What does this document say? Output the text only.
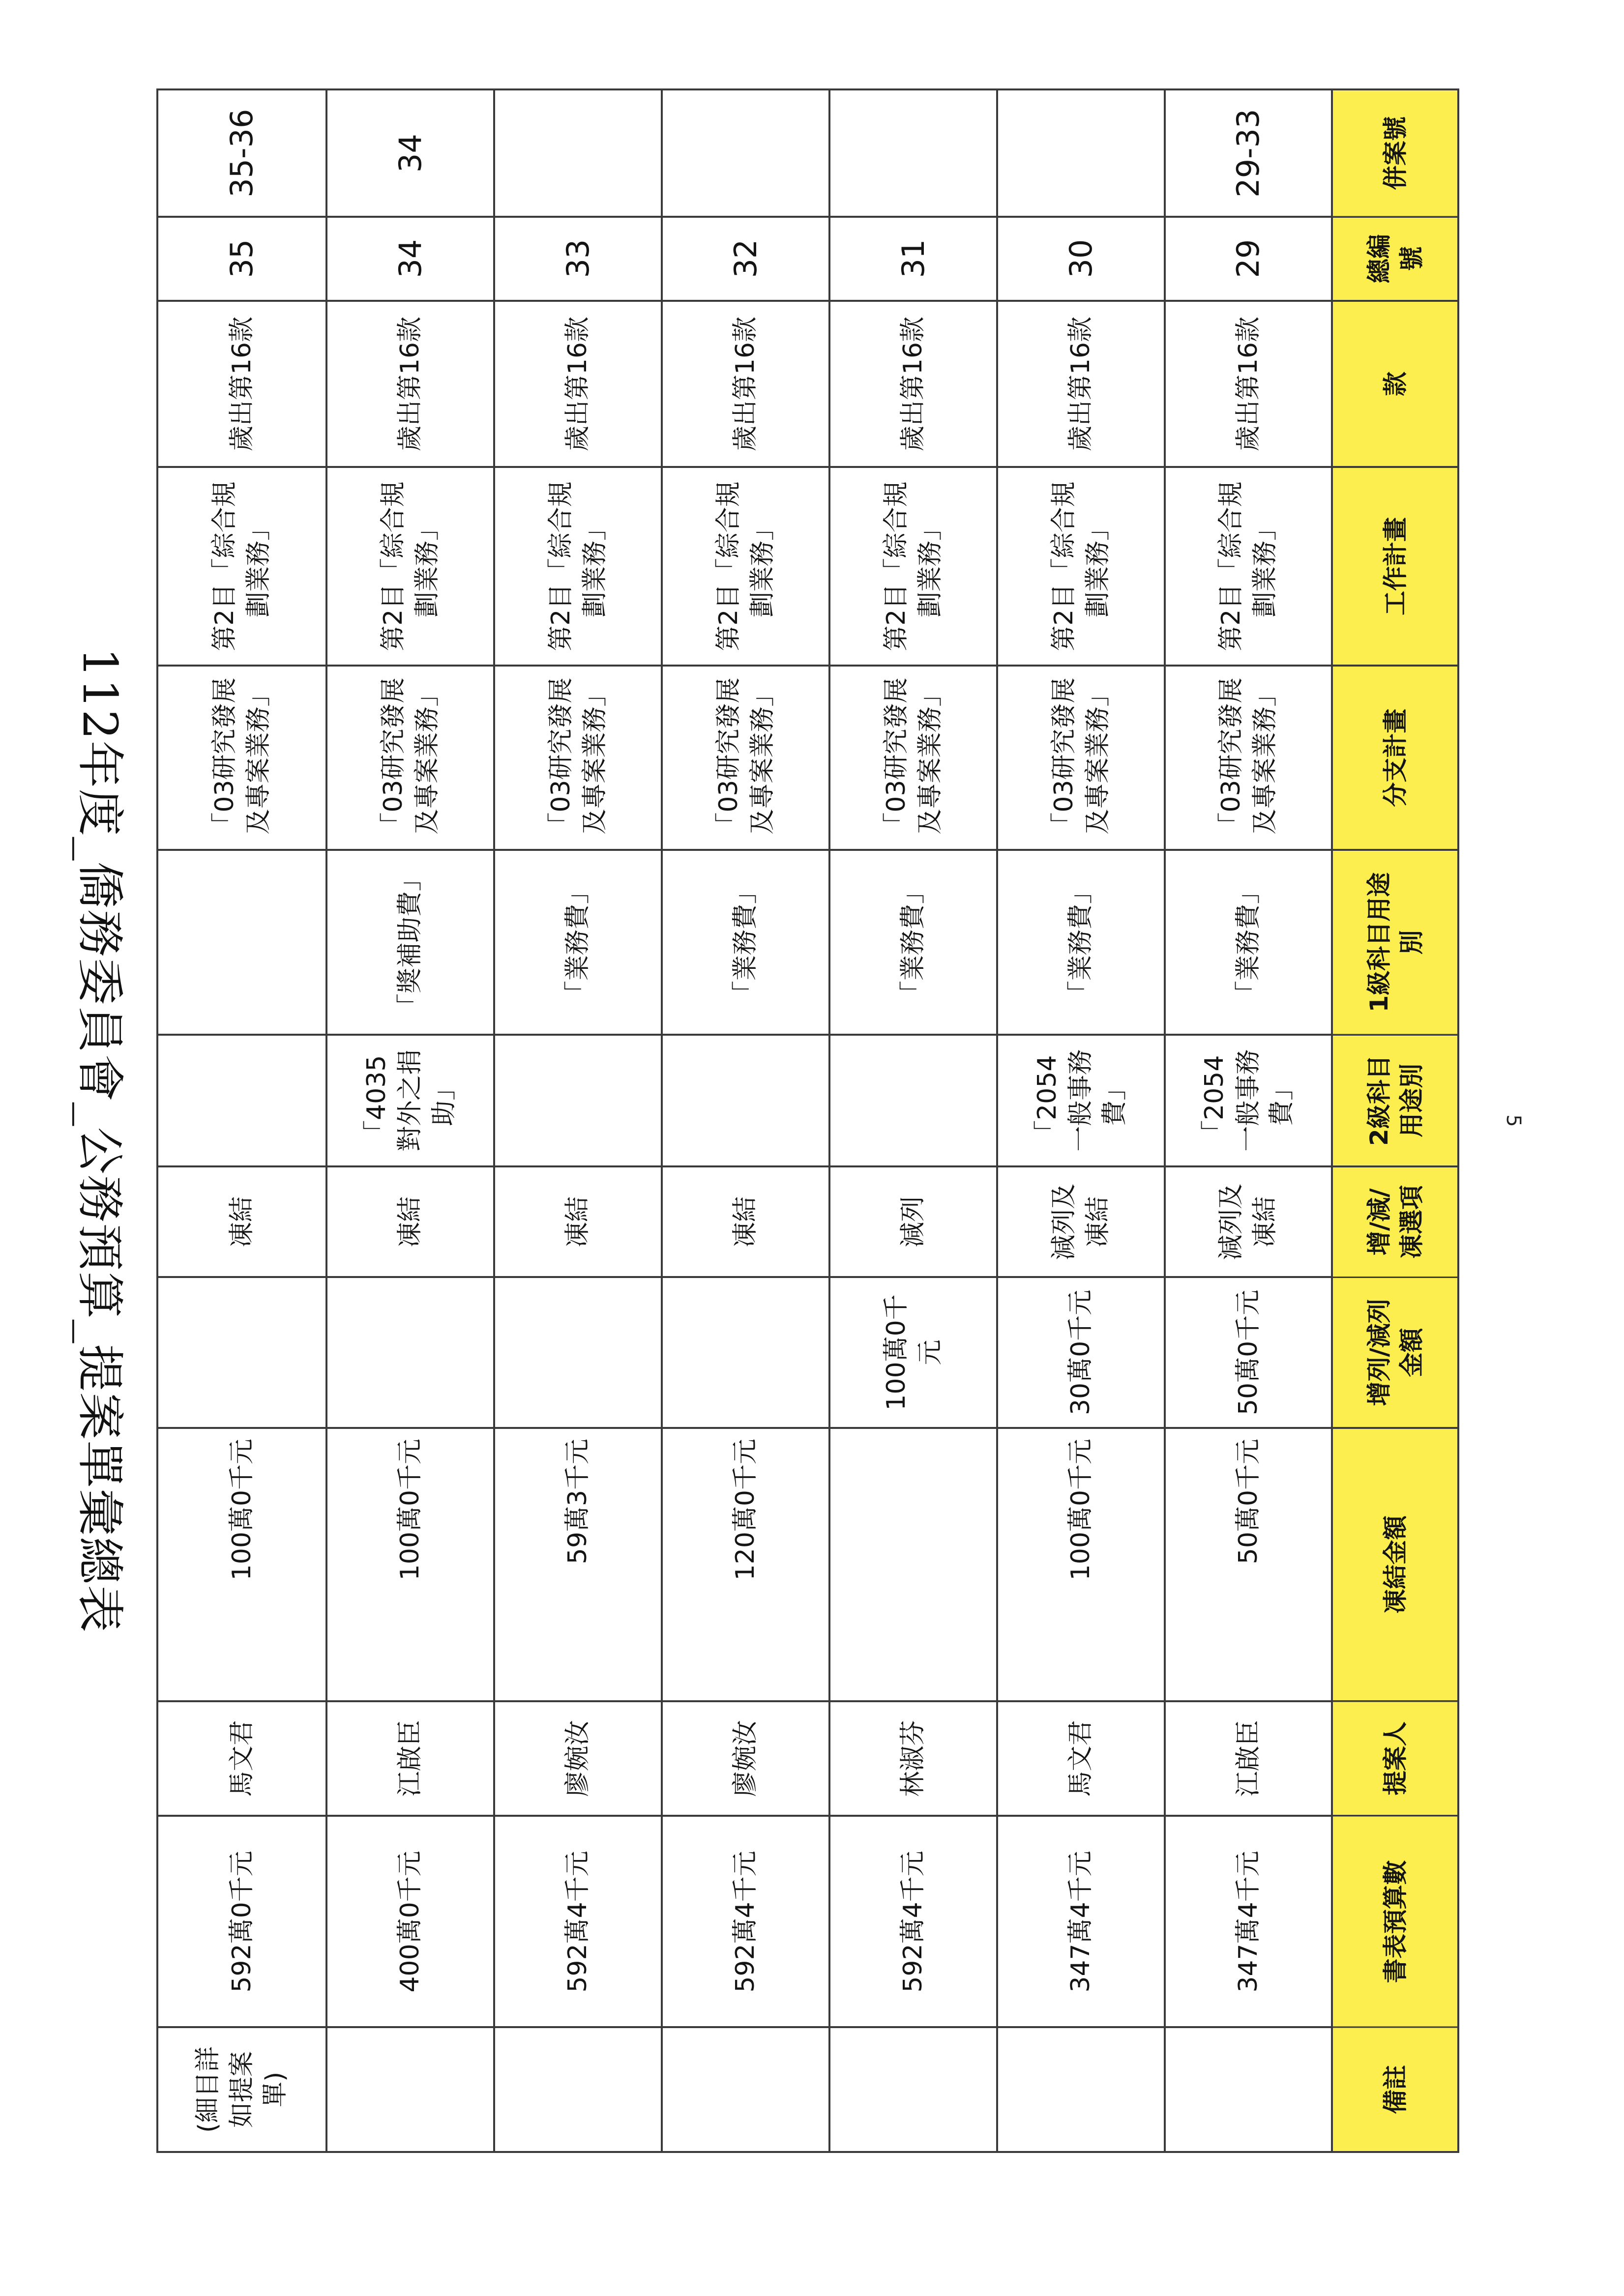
112年度_僑務委員會_公務預算_提案單彙總表	5
併案號	總編號	款	工作計畫	分支計畫	1級科目用途別	2級科目用途別	增/減/凍選項	增列/減列金額	凍結金額	提案人	書表預算數	備註
29-33	29	歲出第16款	第2目「綜合規劃業務」	「03研究發展及專案業務」	「業務費」	「2054一般事務費」	減列及凍結	50萬0千元	50萬0千元	江啟臣	347萬4千元	
	30	歲出第16款	第2目「綜合規劃業務」	「03研究發展及專案業務」	「業務費」	「2054一般事務費」	減列及凍結	30萬0千元	100萬0千元	馬文君	347萬4千元	
	31	歲出第16款	第2目「綜合規劃業務」	「03研究發展及專案業務」	「業務費」		減列	100萬0千元		林淑芬	592萬4千元	
	32	歲出第16款	第2目「綜合規劃業務」	「03研究發展及專案業務」	「業務費」		凍結		120萬0千元	廖婉汝	592萬4千元	
	33	歲出第16款	第2目「綜合規劃業務」	「03研究發展及專案業務」	「業務費」		凍結		59萬3千元	廖婉汝	592萬4千元	
34	34	歲出第16款	第2目「綜合規劃業務」	「03研究發展及專案業務」	「獎補助費」	「4035對外之捐助」	凍結		100萬0千元	江啟臣	400萬0千元	
35-36	35	歲出第16款	第2目「綜合規劃業務」	「03研究發展及專案業務」			凍結		100萬0千元	馬文君	592萬0千元	(細目詳如提案單)
